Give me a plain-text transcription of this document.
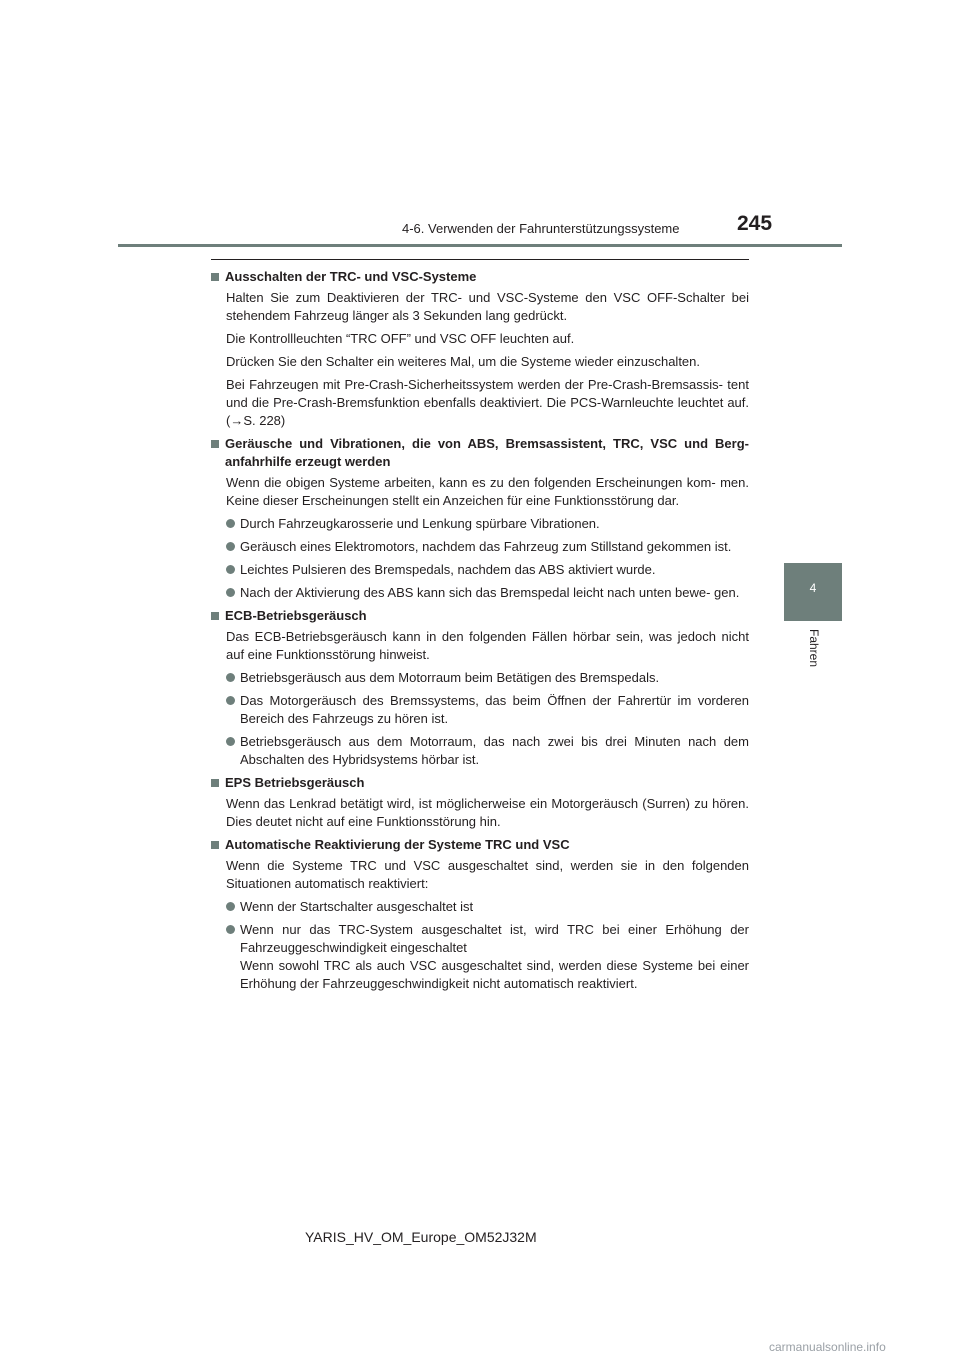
4-6. Verwenden der Fahrunterstützungssysteme	245
4
Fahren
Ausschalten der TRC- und VSC-Systeme

Halten Sie zum Deaktivieren der TRC- und VSC-Systeme den VSC OFF-Schalter bei stehendem Fahrzeug länger als 3 Sekunden lang gedrückt.

Die Kontrollleuchten “TRC OFF” und VSC OFF leuchten auf.

Drücken Sie den Schalter ein weiteres Mal, um die Systeme wieder einzuschalten.

Bei Fahrzeugen mit Pre-Crash-Sicherheitssystem werden der Pre-Crash-Bremsassis- tent und die Pre-Crash-Bremsfunktion ebenfalls deaktiviert. Die PCS-Warnleuchte leuchtet auf. (→S. 228)

Geräusche und Vibrationen, die von ABS, Bremsassistent, TRC, VSC und Berg- anfahrhilfe erzeugt werden

Wenn die obigen Systeme arbeiten, kann es zu den folgenden Erscheinungen kom- men. Keine dieser Erscheinungen stellt ein Anzeichen für eine Funktionsstörung dar.

Durch Fahrzeugkarosserie und Lenkung spürbare Vibrationen.
Geräusch eines Elektromotors, nachdem das Fahrzeug zum Stillstand gekommen ist.
Leichtes Pulsieren des Bremspedals, nachdem das ABS aktiviert wurde.
Nach der Aktivierung des ABS kann sich das Bremspedal leicht nach unten bewe- gen.
ECB-Betriebsgeräusch

Das ECB-Betriebsgeräusch kann in den folgenden Fällen hörbar sein, was jedoch nicht auf eine Funktionsstörung hinweist.

Betriebsgeräusch aus dem Motorraum beim Betätigen des Bremspedals.
Das Motorgeräusch des Bremssystems, das beim Öffnen der Fahrertür im vorderen Bereich des Fahrzeugs zu hören ist.
Betriebsgeräusch aus dem Motorraum, das nach zwei bis drei Minuten nach dem Abschalten des Hybridsystems hörbar ist.
EPS Betriebsgeräusch

Wenn das Lenkrad betätigt wird, ist möglicherweise ein Motorgeräusch (Surren) zu hören. Dies deutet nicht auf eine Funktionsstörung hin.

Automatische Reaktivierung der Systeme TRC und VSC

Wenn die Systeme TRC und VSC ausgeschaltet sind, werden sie in den folgenden Situationen automatisch reaktiviert:

Wenn der Startschalter ausgeschaltet ist
Wenn nur das TRC-System ausgeschaltet ist, wird TRC bei einer Erhöhung der Fahrzeuggeschwindigkeit eingeschaltet
Wenn sowohl TRC als auch VSC ausgeschaltet sind, werden diese Systeme bei einer Erhöhung der Fahrzeuggeschwindigkeit nicht automatisch reaktiviert.
YARIS_HV_OM_Europe_OM52J32M
carmanualsonline.info
